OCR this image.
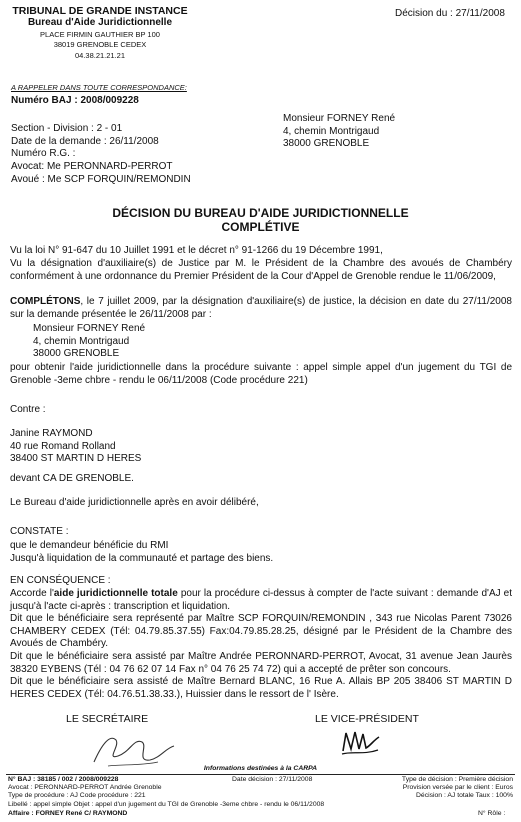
TRIBUNAL DE GRANDE INSTANCE
Bureau d'Aide Juridictionnelle
PLACE FIRMIN GAUTHIER BP 100
38019 GRENOBLE CEDEX
04.38.21.21.21
Décision du : 27/11/2008
A RAPPELER DANS TOUTE CORRESPONDANCE:
Numéro BAJ : 2008/009228
Section - Division : 2 - 01
Date de la demande : 26/11/2008
Numéro R.G. :
Avocat: Me PERONNARD-PERROT
Avoué : Me SCP FORQUIN/REMONDIN
Monsieur FORNEY René
4, chemin Montrigaud
38000 GRENOBLE
DÉCISION DU BUREAU D'AIDE JURIDICTIONNELLE
COMPLÉTIVE
Vu la loi N° 91-647 du 10 Juillet 1991 et le décret n° 91-1266 du 19 Décembre 1991,
Vu la désignation d'auxiliaire(s) de Justice par M. le Président de la Chambre des avoués de Chambéry conformément à une ordonnance du Premier Président de la Cour d'Appel de Grenoble rendue le 11/06/2009,
COMPLÉTONS, le 7 juillet 2009, par la désignation d'auxiliaire(s) de justice, la décision en date du 27/11/2008 sur la demande présentée le 26/11/2008 par :
Monsieur FORNEY René
4, chemin Montrigaud
38000 GRENOBLE
pour obtenir l'aide juridictionnelle dans la procédure suivante : appel simple appel d'un jugement du TGI de Grenoble -3eme chbre - rendu le 06/11/2008 (Code procédure 221)
Contre :
Janine RAYMOND
40 rue Romand Rolland
38400 ST MARTIN D HERES
devant CA DE GRENOBLE.
Le Bureau d'aide juridictionnelle après en avoir délibéré,
CONSTATE :
que le demandeur bénéficie du RMI
Jusqu'à liquidation de la communauté et partage des biens.
EN CONSÉQUENCE :
Accorde l'aide juridictionnelle totale pour la procédure ci-dessus à compter de l'acte suivant : demande d'AJ et jusqu'à l'acte ci-après : transcription et liquidation.
Dit que le bénéficiaire sera représenté par Maître SCP FORQUIN/REMONDIN , 343 rue Nicolas Parent 73026 CHAMBERY CEDEX (Tél: 04.79.85.37.55) Fax:04.79.85.28.25, désigné par le Président de la Chambre des Avoués de Chambéry.
Dit que le bénéficiaire sera assisté par Maître Andrée PERONNARD-PERROT, Avocat, 31 avenue Jean Jaurès 38320 EYBENS (Tél : 04 76 62 07 14 Fax n° 04 76 25 74 72) qui a accepté de prêter son concours.
Dit que le bénéficiaire sera assisté de Maître Bernard BLANC, 16 Rue A. Allais BP 205 38406 ST MARTIN D HERES CEDEX (Tél: 04.76.51.38.33.), Huissier dans le ressort de l' Isère.
LE SECRÉTAIRE	LE VICE-PRÉSIDENT
Informations destinées à la CARPA
N° BAJ : 38185 / 002 / 2008/009228	Date décision : 27/11/2008	Type de décision : Première décision
Avocat : PERONNARD-PERROT Andrée Grenoble	Provision versée par le client : Euros
Type de procédure : AJ Code procédure : 221	Décision : AJ totale Taux : 100%
Libellé : appel simple Objet : appel d'un jugement du TGI de Grenoble -3eme chbre - rendu le 06/11/2008
Affaire : FORNEY René C/ RAYMOND	N° Rôle :
